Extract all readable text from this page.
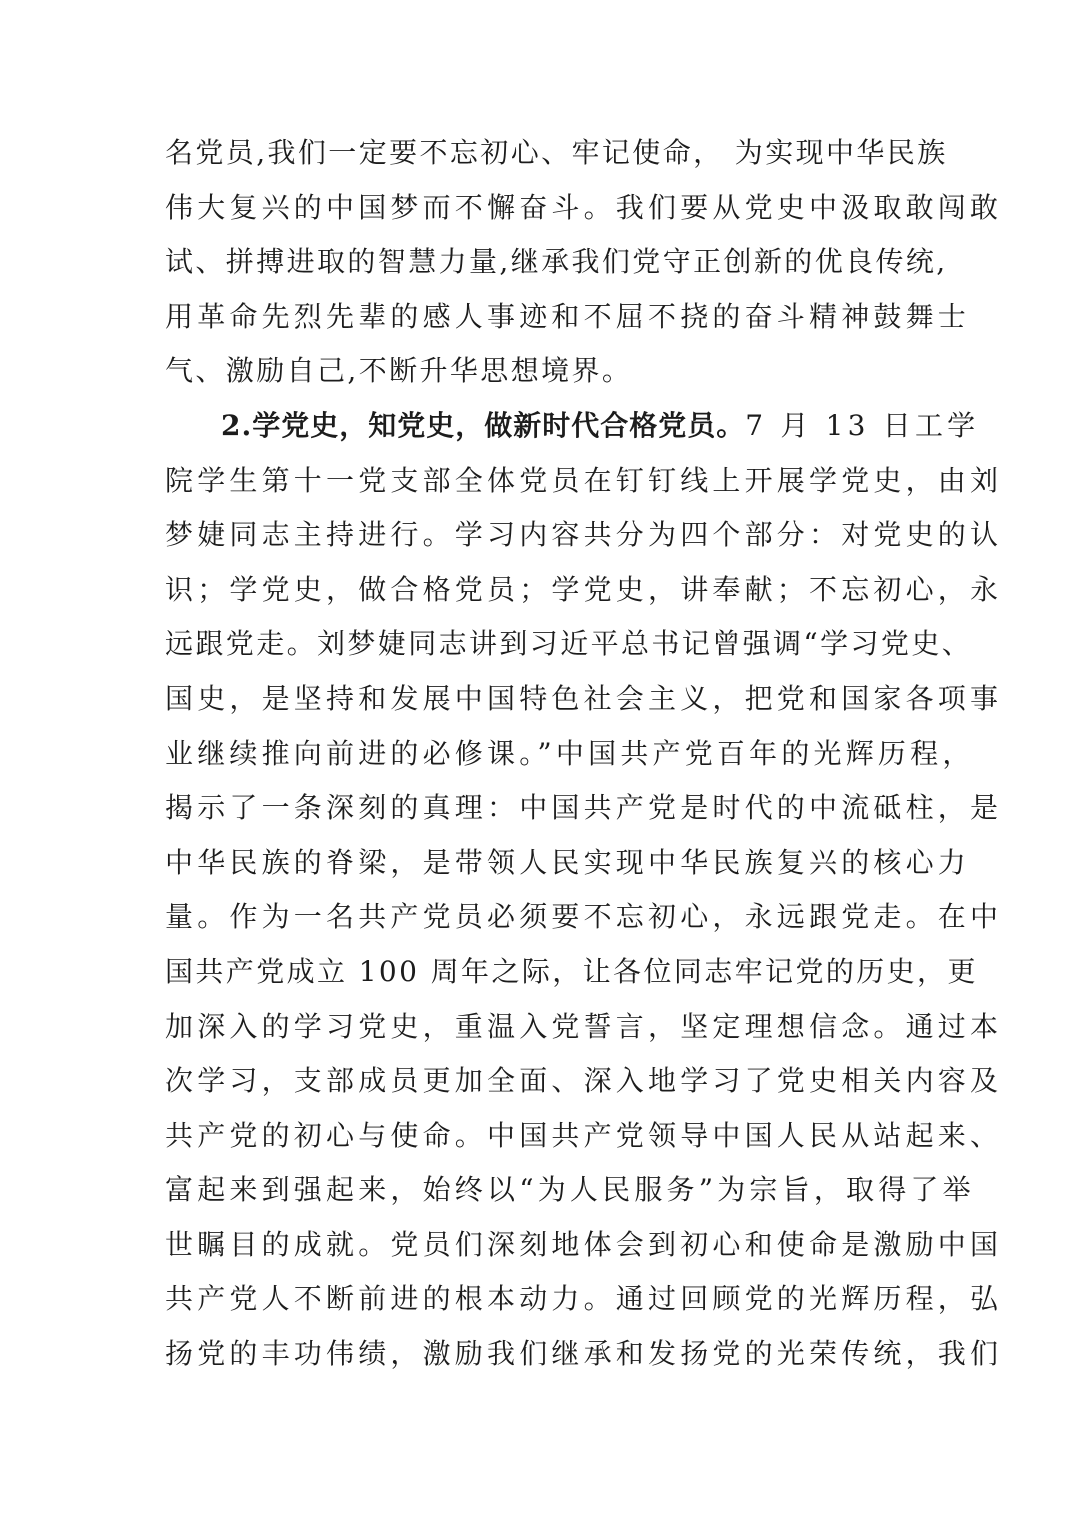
名党员,我们一定要不忘初心、牢记使命， 为实现中华民族
伟大复兴的中国梦而不懈奋斗。我们要从党史中汲取敢闯敢
试、拼搏进取的智慧力量,继承我们党守正创新的优良传统,
用革命先烈先辈的感人事迹和不屈不挠的奋斗精神鼓舞士
气、激励自己,不断升华思想境界。
2.学党史，知党史，做新时代合格党员。7 月 13 日工学
院学生第十一党支部全体党员在钉钉线上开展学党史，由刘
梦婕同志主持进行。学习内容共分为四个部分：对党史的认
识；学党史，做合格党员；学党史，讲奉献；不忘初心，永
远跟党走。刘梦婕同志讲到习近平总书记曾强调“学习党史、
国史，是坚持和发展中国特色社会主义，把党和国家各项事
业继续推向前进的必修课。”中国共产党百年的光辉历程，
揭示了一条深刻的真理：中国共产党是时代的中流砥柱，是
中华民族的脊梁，是带领人民实现中华民族复兴的核心力
量。作为一名共产党员必须要不忘初心，永远跟党走。在中
国共产党成立 100 周年之际，让各位同志牢记党的历史，更
加深入的学习党史，重温入党誓言，坚定理想信念。通过本
次学习，支部成员更加全面、深入地学习了党史相关内容及
共产党的初心与使命。中国共产党领导中国人民从站起来、
富起来到强起来，始终以“为人民服务”为宗旨，取得了举
世瞩目的成就。党员们深刻地体会到初心和使命是激励中国
共产党人不断前进的根本动力。通过回顾党的光辉历程，弘
扬党的丰功伟绩，激励我们继承和发扬党的光荣传统，我们
